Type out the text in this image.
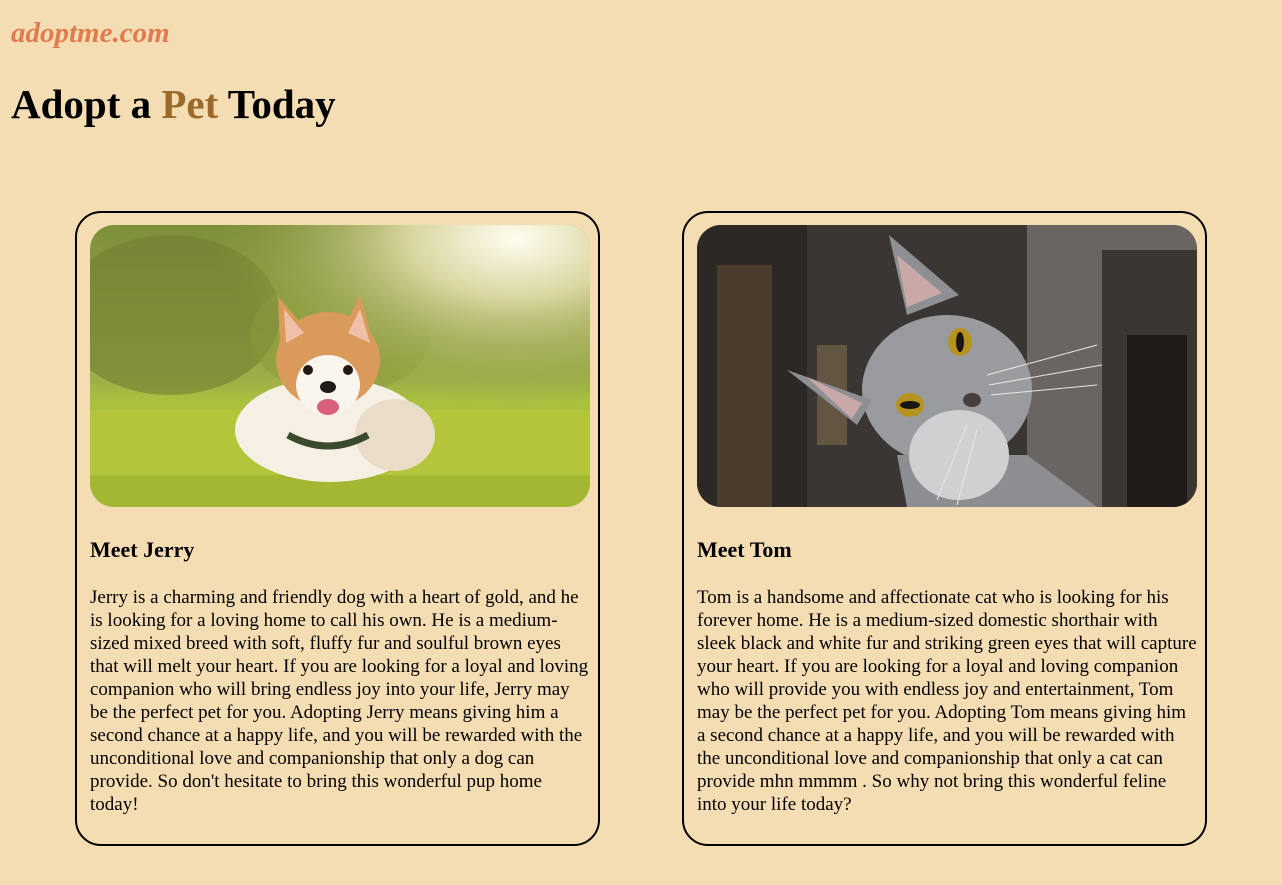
adoptme.com
Adopt a Pet Today
Meet Jerry

Jerry is a charming and friendly dog with a heart of gold, and he is looking for a loving home to call his own. He is a medium-sized mixed breed with soft, fluffy fur and soulful brown eyes that will melt your heart. If you are looking for a loyal and loving companion who will bring endless joy into your life, Jerry may be the perfect pet for you. Adopting Jerry means giving him a second chance at a happy life, and you will be rewarded with the unconditional love and companionship that only a dog can provide. So don't hesitate to bring this wonderful pup home today!

Meet Tom

Tom is a handsome and affectionate cat who is looking for his forever home. He is a medium-sized domestic shorthair with sleek black and white fur and striking green eyes that will capture your heart. If you are looking for a loyal and loving companion who will provide you with endless joy and entertainment, Tom may be the perfect pet for you. Adopting Tom means giving him a second chance at a happy life, and you will be rewarded with the unconditional love and companionship that only a cat can provide mhn mmmm . So why not bring this wonderful feline into your life today?
